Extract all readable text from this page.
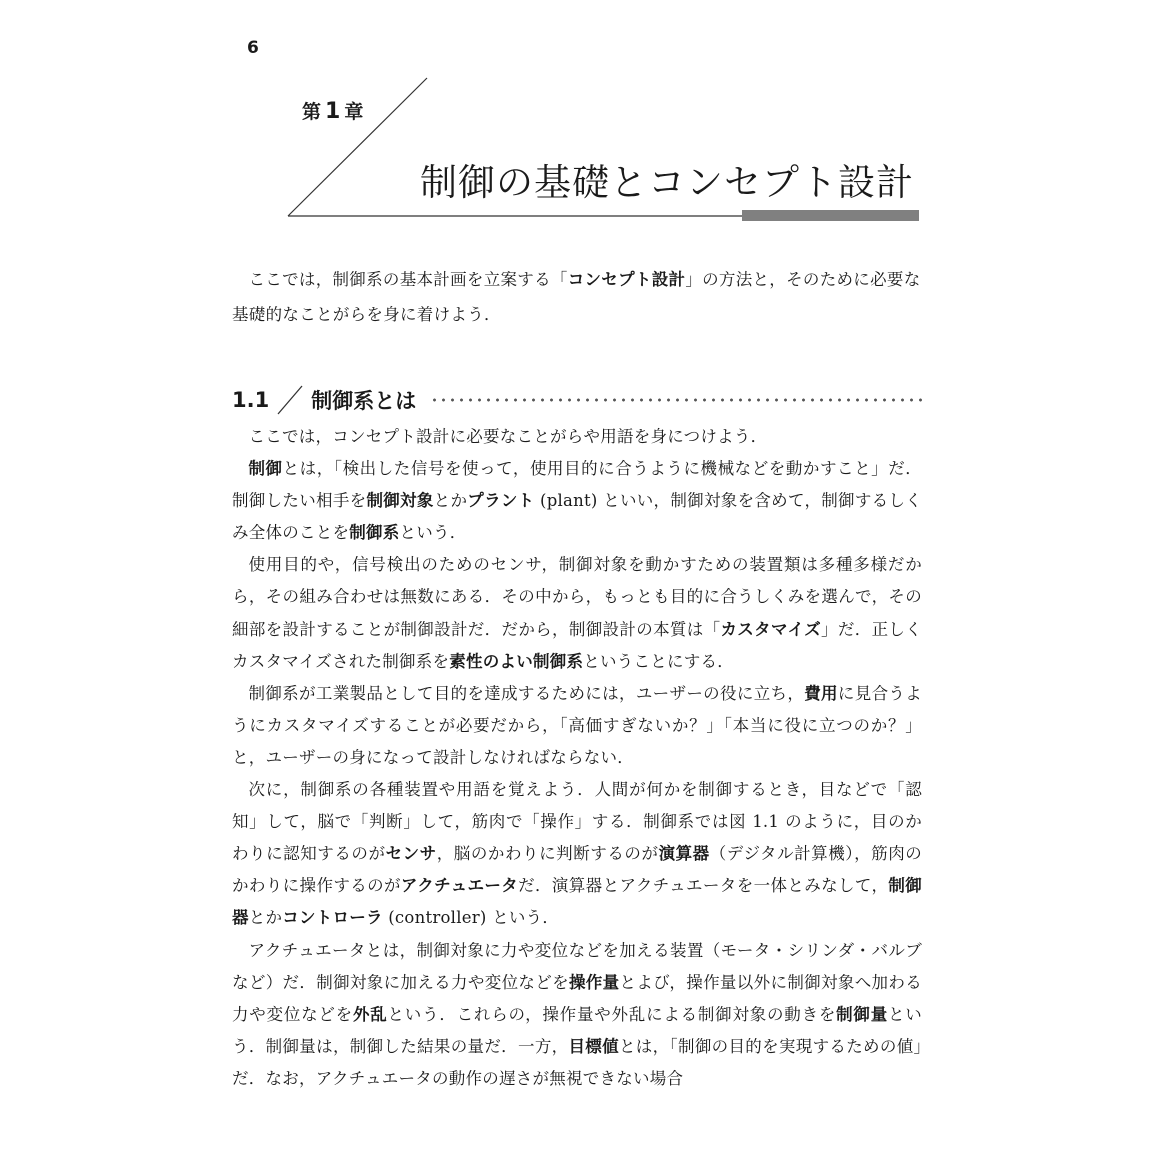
6
第 1 章
制御の基礎とコンセプト設計

ここでは，制御系の基本計画を立案する「コンセプト設計」の方法と，そのために必要な基礎的なことがらを身に着けよう．

1.1 制御系とは

ここでは，コンセプト設計に必要なことがらや用語を身につけよう．

制御とは，「検出した信号を使って，使用目的に合うように機械などを動かすこと」だ．制御したい相手を制御対象とかプラント (plant) といい，制御対象を含めて，制御するしくみ全体のことを制御系という．

使用目的や，信号検出のためのセンサ，制御対象を動かすための装置類は多種多様だから，その組み合わせは無数にある．その中から，もっとも目的に合うしくみを選んで，その細部を設計することが制御設計だ．だから，制御設計の本質は「カスタマイズ」だ．正しくカスタマイズされた制御系を素性のよい制御系ということにする．

制御系が工業製品として目的を達成するためには，ユーザーの役に立ち，費用に見合うようにカスタマイズすることが必要だから，「高価すぎないか？」「本当に役に立つのか？」と，ユーザーの身になって設計しなければならない．

次に，制御系の各種装置や用語を覚えよう．人間が何かを制御するとき，目などで「認知」して，脳で「判断」して，筋肉で「操作」する．制御系では図 1.1 のように，目のかわりに認知するのがセンサ，脳のかわりに判断するのが演算器（デジタル計算機），筋肉のかわりに操作するのがアクチュエータだ．演算器とアクチュエータを一体とみなして，制御器とかコントローラ (controller) という．

アクチュエータとは，制御対象に力や変位などを加える装置（モータ・シリンダ・バルブなど）だ．制御対象に加える力や変位などを操作量とよび，操作量以外に制御対象へ加わる力や変位などを外乱という．これらの，操作量や外乱による制御対象の動きを制御量という．制御量は，制御した結果の量だ．一方，目標値とは，「制御の目的を実現するための値」だ．なお，アクチュエータの動作の遅さが無視できない場合
